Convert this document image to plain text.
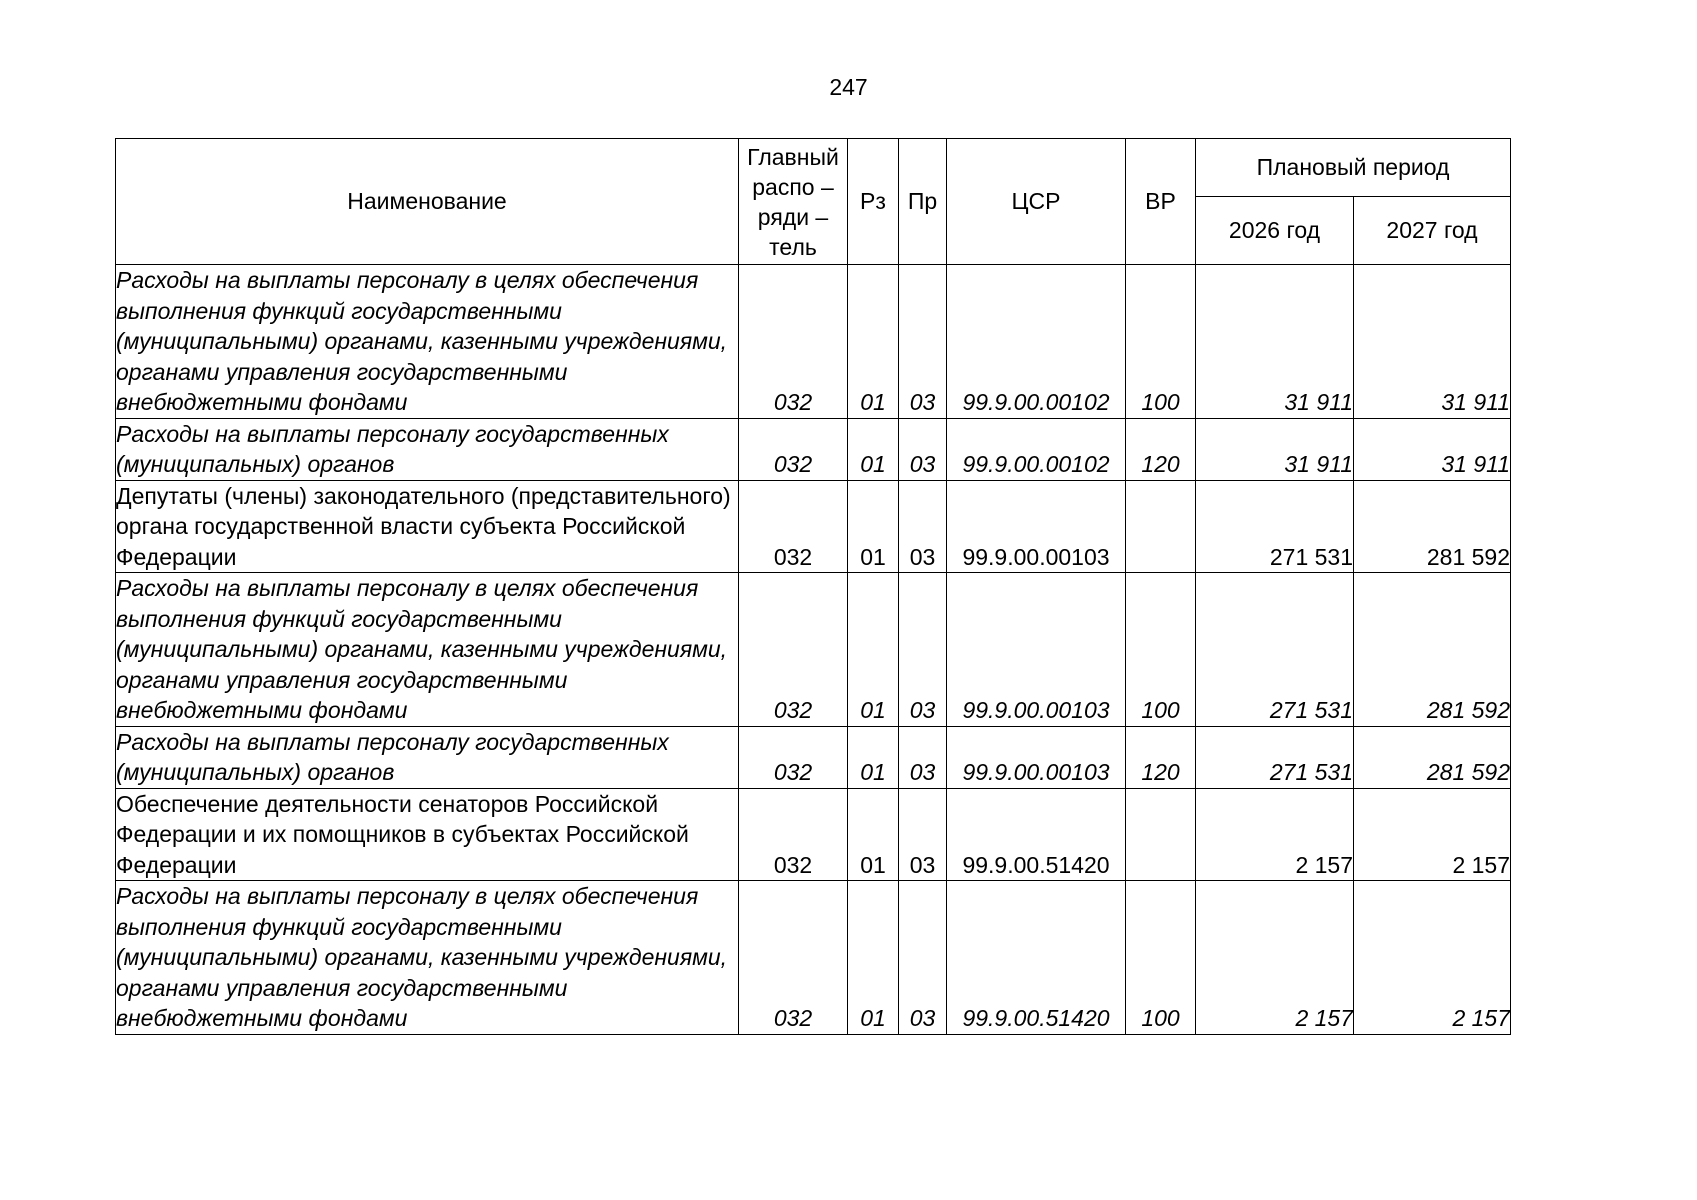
247
Наименование	Главный распо – ряди – тель	Рз	Пр	ЦСР	ВР	Плановый период	
						2026 год	2027 год
Расходы на выплаты персоналу в целях обеспечения выполнения функций государственными (муниципальными) органами, казенными учреждениями, органами управления государственными внебюджетными фондами	032	01	03	99.9.00.00102	100	31 911	31 911
Расходы на выплаты персоналу государственных (муниципальных) органов	032	01	03	99.9.00.00102	120	31 911	31 911
Депутаты (члены) законодательного (представительного) органа государственной власти субъекта Российской Федерации	032	01	03	99.9.00.00103		271 531	281 592
Расходы на выплаты персоналу в целях обеспечения выполнения функций государственными (муниципальными) органами, казенными учреждениями, органами управления государственными внебюджетными фондами	032	01	03	99.9.00.00103	100	271 531	281 592
Расходы на выплаты персоналу государственных (муниципальных) органов	032	01	03	99.9.00.00103	120	271 531	281 592
Обеспечение деятельности сенаторов Российской Федерации и их помощников в субъектах Российской Федерации	032	01	03	99.9.00.51420		2 157	2 157
Расходы на выплаты персоналу в целях обеспечения выполнения функций государственными (муниципальными) органами, казенными учреждениями, органами управления государственными внебюджетными фондами	032	01	03	99.9.00.51420	100	2 157	2 157
